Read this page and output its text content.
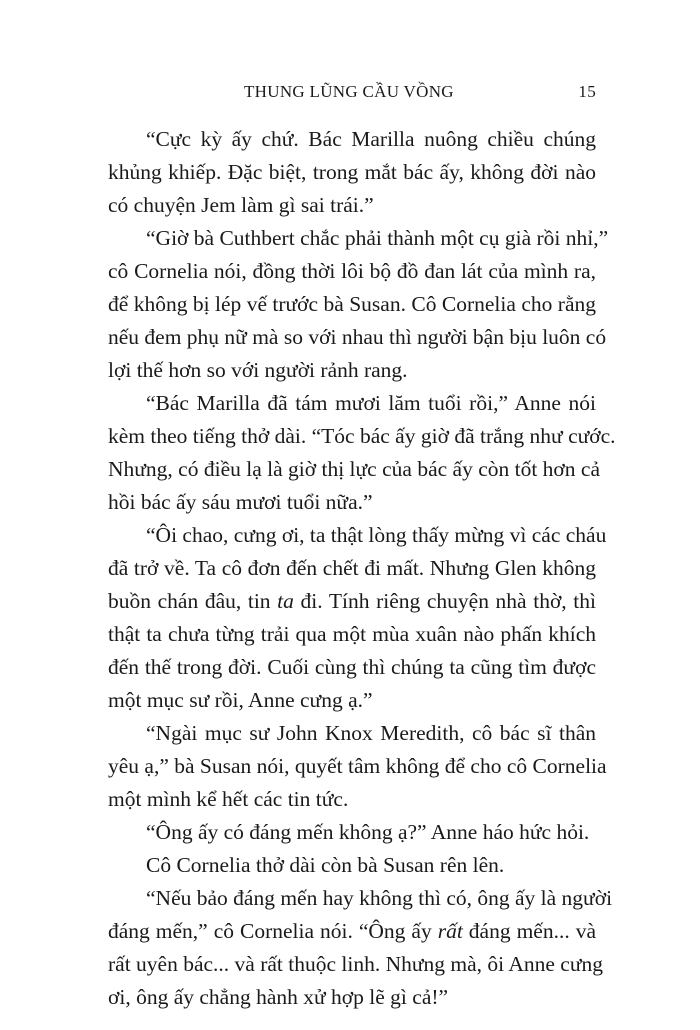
THUNG LŨNG CẦU VỒNG	15
“Cực kỳ ấy chứ. Bác Marilla nuông chiều chúng
khủng khiếp. Đặc biệt, trong mắt bác ấy, không đời nào
có chuyện Jem làm gì sai trái.”
“Giờ bà Cuthbert chắc phải thành một cụ già rồi nhỉ,”
cô Cornelia nói, đồng thời lôi bộ đồ đan lát của mình ra,
để không bị lép vế trước bà Susan. Cô Cornelia cho rằng
nếu đem phụ nữ mà so với nhau thì người bận bịu luôn có
lợi thế hơn so với người rảnh rang.
“Bác Marilla đã tám mươi lăm tuổi rồi,” Anne nói
kèm theo tiếng thở dài. “Tóc bác ấy giờ đã trắng như cước.
Nhưng, có điều lạ là giờ thị lực của bác ấy còn tốt hơn cả
hồi bác ấy sáu mươi tuổi nữa.”
“Ôi chao, cưng ơi, ta thật lòng thấy mừng vì các cháu
đã trở về. Ta cô đơn đến chết đi mất. Nhưng Glen không
buồn chán đâu, tin ta đi. Tính riêng chuyện nhà thờ, thì
thật ta chưa từng trải qua một mùa xuân nào phấn khích
đến thế trong đời. Cuối cùng thì chúng ta cũng tìm được
một mục sư rồi, Anne cưng ạ.”
“Ngài mục sư John Knox Meredith, cô bác sĩ thân
yêu ạ,” bà Susan nói, quyết tâm không để cho cô Cornelia
một mình kể hết các tin tức.
“Ông ấy có đáng mến không ạ?” Anne háo hức hỏi.
Cô Cornelia thở dài còn bà Susan rên lên.
“Nếu bảo đáng mến hay không thì có, ông ấy là người
đáng mến,” cô Cornelia nói. “Ông ấy rất đáng mến... và
rất uyên bác... và rất thuộc linh. Nhưng mà, ôi Anne cưng
ơi, ông ấy chẳng hành xử hợp lẽ gì cả!”
